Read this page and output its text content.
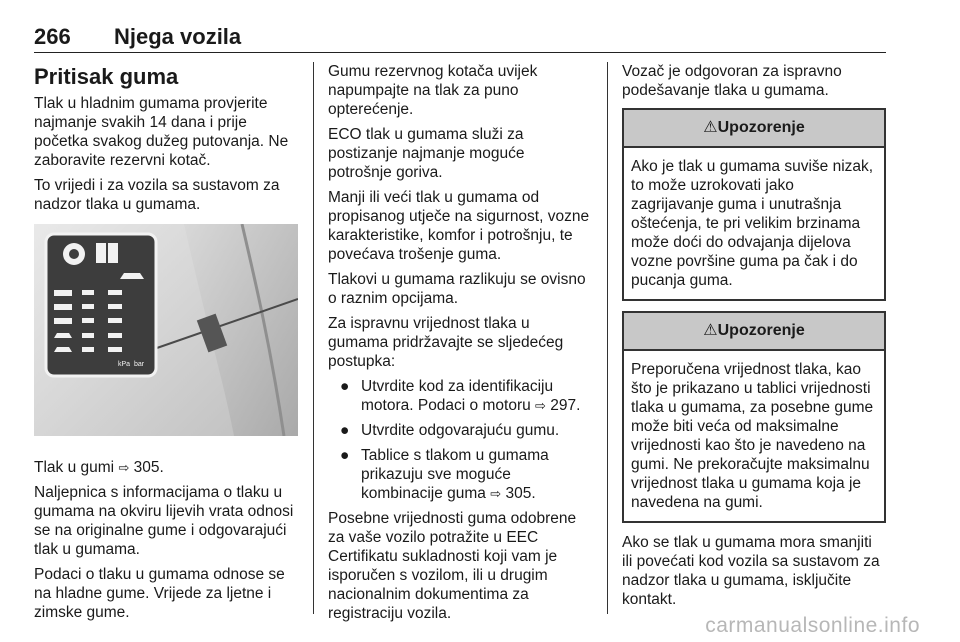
266 Njega vozila
Pritisak guma

Tlak u hladnim gumama provjerite najmanje svakih 14 dana i prije početka svakog dužeg putovanja. Ne zaboravite rezervni kotač.

To vrijedi i za vozila sa sustavom za nadzor tlaka u gumama.

kPa bar

Tlak u gumi ⇨ 305.

Naljepnica s informacijama o tlaku u gumama na okviru lijevih vrata odnosi se na originalne gume i odgovarajući tlak u gumama.

Podaci o tlaku u gumama odnose se na hladne gume. Vrijede za ljetne i zimske gume.

Gumu rezervnog kotača uvijek napumpajte na tlak za puno opterećenje.

ECO tlak u gumama služi za postizanje najmanje moguće potrošnje goriva.

Manji ili veći tlak u gumama od propisanog utječe na sigurnost, vozne karakteristike, komfor i potrošnju, te povećava trošenje guma.

Tlakovi u gumama razlikuju se ovisno o raznim opcijama.

Za ispravnu vrijednost tlaka u gumama pridržavajte se sljedećeg postupka:

● Utvrdite kod za identifikaciju motora. Podaci o motoru ⇨ 297.
● Utvrdite odgovarajuću gumu.
● Tablice s tlakom u gumama prikazuju sve moguće kombinacije guma ⇨ 305.

Posebne vrijednosti guma odobrene za vaše vozilo potražite u EEC Certifikatu sukladnosti koji vam je isporučen s vozilom, ili u drugim nacionalnim dokumentima za registraciju vozila.

Vozač je odgovoran za ispravno podešavanje tlaka u gumama.

⚠Upozorenje
Ako je tlak u gumama suviše nizak, to može uzrokovati jako zagrijavanje guma i unutrašnja oštećenja, te pri velikim brzinama može doći do odvajanja dijelova vozne površine guma pa čak i do pucanja guma.
⚠Upozorenje
Preporučena vrijednost tlaka, kao što je prikazano u tablici vrijednosti tlaka u gumama, za posebne gume može biti veća od maksimalne vrijednosti kao što je navedeno na gumi. Ne prekoračujte maksimalnu vrijednost tlaka u gumama koja je navedena na gumi.

Ako se tlak u gumama mora smanjiti ili povećati kod vozila sa sustavom za nadzor tlaka u gumama, isključite kontakt.

carmanualsonline.info
